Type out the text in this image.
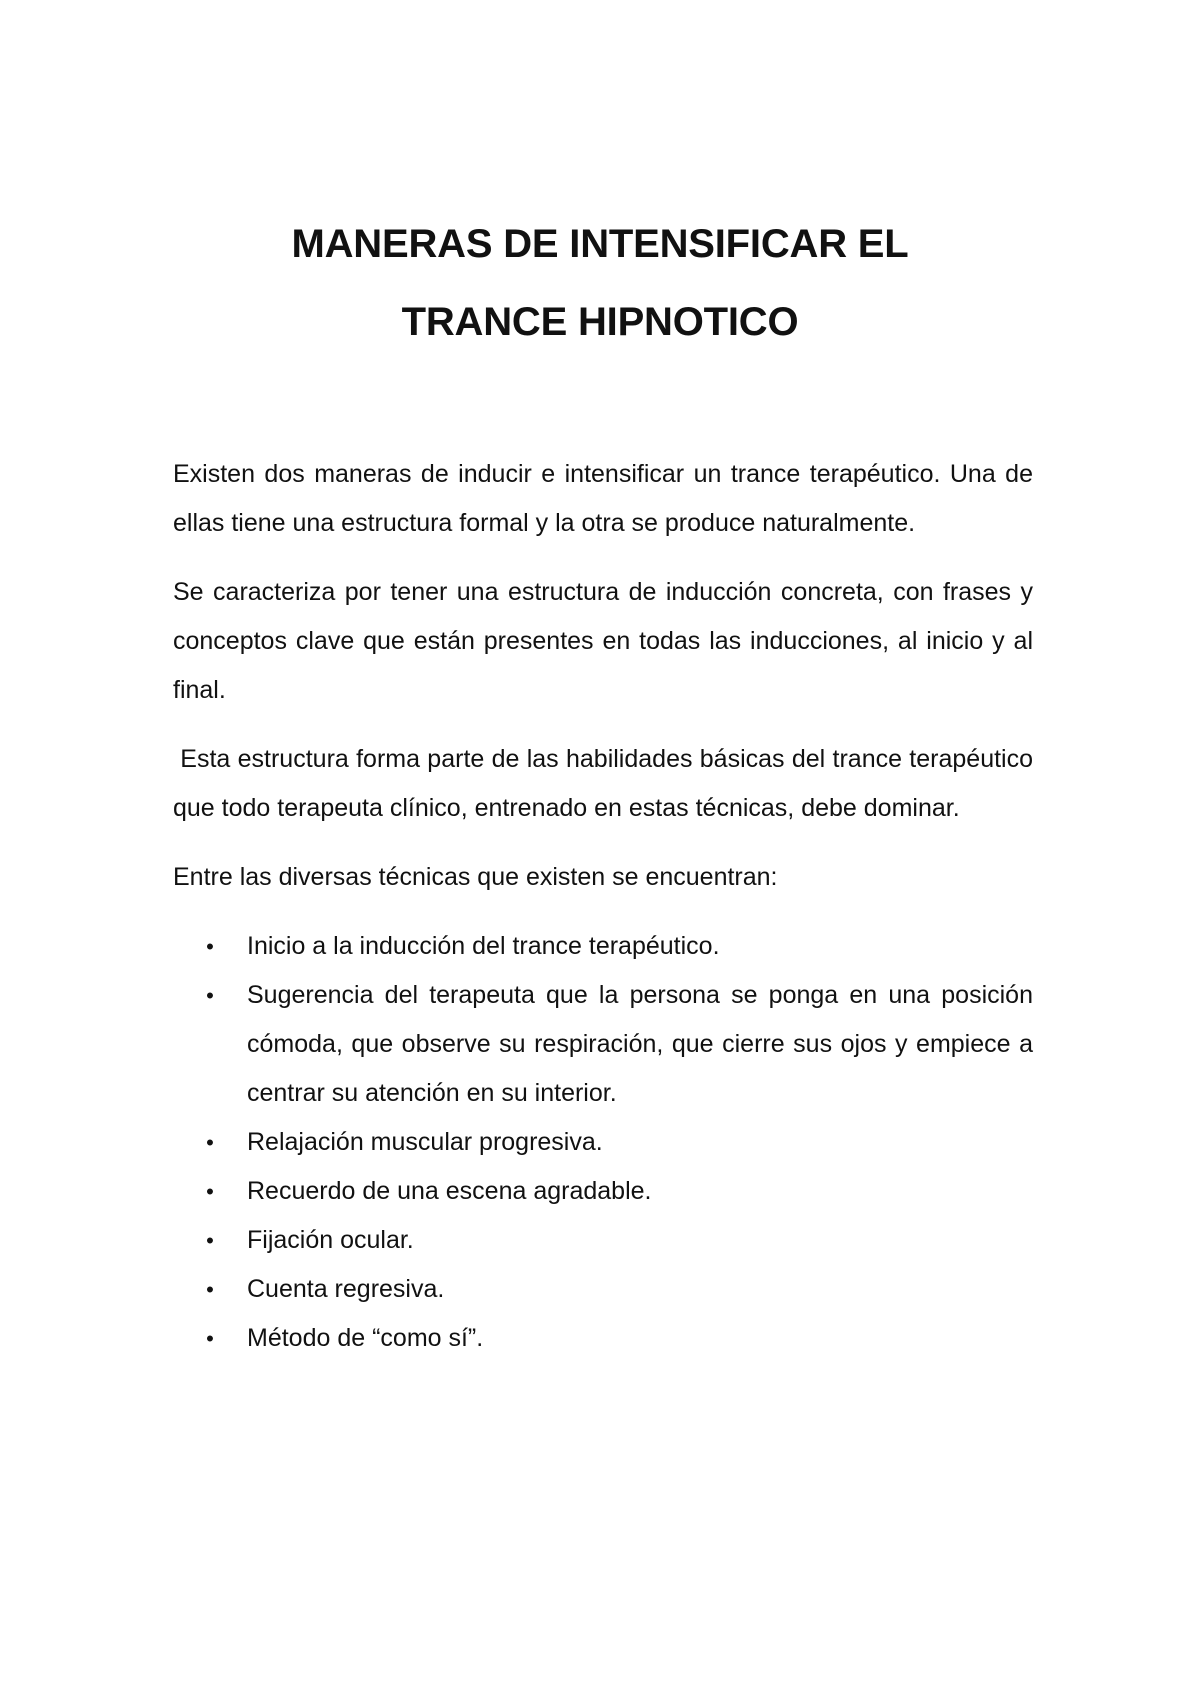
MANERAS DE INTENSIFICAR EL
TRANCE HIPNOTICO

Existen dos maneras de inducir e intensificar un trance terapéutico. Una de ellas tiene una estructura formal y la otra se produce naturalmente.

Se caracteriza por tener una estructura de inducción concreta, con frases y conceptos clave que están presentes en todas las inducciones, al inicio y al final.

Esta estructura forma parte de las habilidades básicas del trance terapéutico que todo terapeuta clínico, entrenado en estas técnicas, debe dominar.

Entre las diversas técnicas que existen se encuentran:

• Inicio a la inducción del trance terapéutico.
• Sugerencia del terapeuta que la persona se ponga en una posición cómoda, que observe su respiración, que cierre sus ojos y empiece a centrar su atención en su interior.
• Relajación muscular progresiva.
• Recuerdo de una escena agradable.
• Fijación ocular.
• Cuenta regresiva.
• Método de “como sí”.
